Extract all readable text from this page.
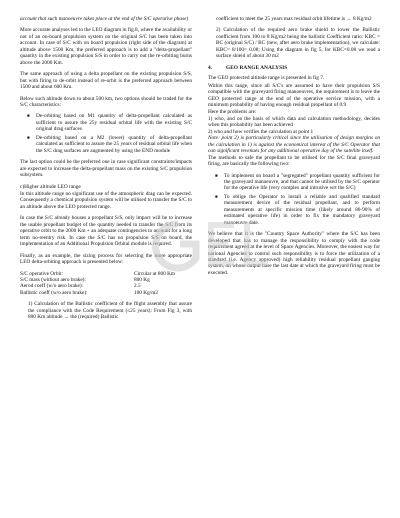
account that such manoeuvre takes place at the end of the S/C operative phase)

More accurate analyses led to the LEO diagram in fig.8, where the availability or not of an on-board propulsion system on the original S/C has been taken into account. In case of S/C with on board propulsion (right side of the diagram) at altitude above 1500 Km, the preferred approach is to add a "delta-propellant" quantity in the existing propulsion S/S in order to carry out the re-orbiting burns above the 2000 Km.

The same approach of using a delta propellant on the existing propulsion S/S, but with firing to de-orbit instead of re-orbit is the preferred approach between 1500 and about 600 Km.

Below such altitude down to about 500 km, two options should be traded for the S/C characteristics:

■ De-orbiting based on M1 quantity of delta-propellant calculated as sufficient to assure the 25y residual orbital life with the existing S/C original drag surfaces
■ De-orbiting based on a M2 (lower) quantity of delta-propellant calculated as sufficient to assure the 25 years of residual orbital life when the S/C drag surfaces are augmented by using the END module

The last option could be the preferred one in case significant constraints/impacts are expected to increase the delta-propellant mass on the existing S/C propulsion subsystem.

c)Higher altitude LEO range

In this altitude range no significant use of the atmospheric drag can be expected. Consequently a chemical propulsion system will be utilised to transfer the S/C to an altitude above the LEO protected range.

In case the S/C already houses a propellant S/S, only impact will be to increase the usable propellant budget of the quantity needed to transfer the S/C from its operative orbit to the 2000 Km + an adequate contingencies to account for a long term no-reentry risk. In case the S/C has no propulsion S/S on board, the implementation of an Additional Propulsion Orbital module is required.

Finally, as an example, the sizing process for selecting the more appropriate LEO delta-orbiting approach is presented below:

S/C operative Orbit:	Circular at 800 Km
S/C mass (without aero brake):	800 Kg
Aerod coeff (w/o aero brake):	2.5
Ballistic coeff (w/o aero brake):	100 Kg/m2

1) Calculation of the Ballistic coefficient of the flight assembly that assure the compliance with the Code Requirement (≤25 years): From Fig 3, with 800 Km altitude → the (required) Ballistic

coefficient to meet the 25 years max residual orbit lifetime is → 8 Kg/m2

2) Calculation of the required aero brake shield to lower the Ballistic coefficient from 100 to 8 Kg/m2 being the ballistic Coefficient ratio: KBC = BC (original S/C) / BC (new, after aero brake implementation), we calculate: KBC= 8/100= 0.08; Using the diagram in fig 5, for KBC=0.08 we read a surface shield of about 30 m2

4.	GEO RANGE ANALYSIS

The GEO protected altitude range is presented in fig 7.

Within this range, since all S/C's are assumed to have their propulsion S/S compatible with the graveyard firing manoeuvres, the requirement is to leave the GEO protected range at the end of the operative service mission, with a minimum probability of having enough residual propellant of 0.9

Here the problems are:

1) who, and on the basis of which data and calculation methodology, decides when this probability has been achieved

2) who and how verifies the calculation at point 1

Note: point 2) is particularly critical since the utilisation of design margins on the calculation in 1) is against the economical interest of the S/C Operator that can significant revenues for any additional operative day of the satellite itself.

The methods to safe the propellant to be utilised for the S/C final graveyard firing, are basically the following two:

■ To implement on board a "segregated" propellant quantity sufficient for the graveyard manoeuvre, and that cannot be utilised by the S/C operator for the operative life (very complex and intrusive wrt the S/C)
■ To oblige the Operator to install a reliable and qualified standard measurement device of the residual propellant, and to perform measurements at specific mission time (likely around 80-90% of estimated operative life) in order to fix the mandatory graveyard manoeuvre date.

We believe that it is the "Country Space Authority" where the S/C has been developed that has to manage the responsibility to comply with the code requirement agreed at the level of Space Agencies. Moreover, the easiest way for national Agencies to control such responsibility is to force the utilization of a standard (i.e. Agency approved) high reliability residual propellant gauging system, on whose output base the last date at which the graveyard firing must be executed.
